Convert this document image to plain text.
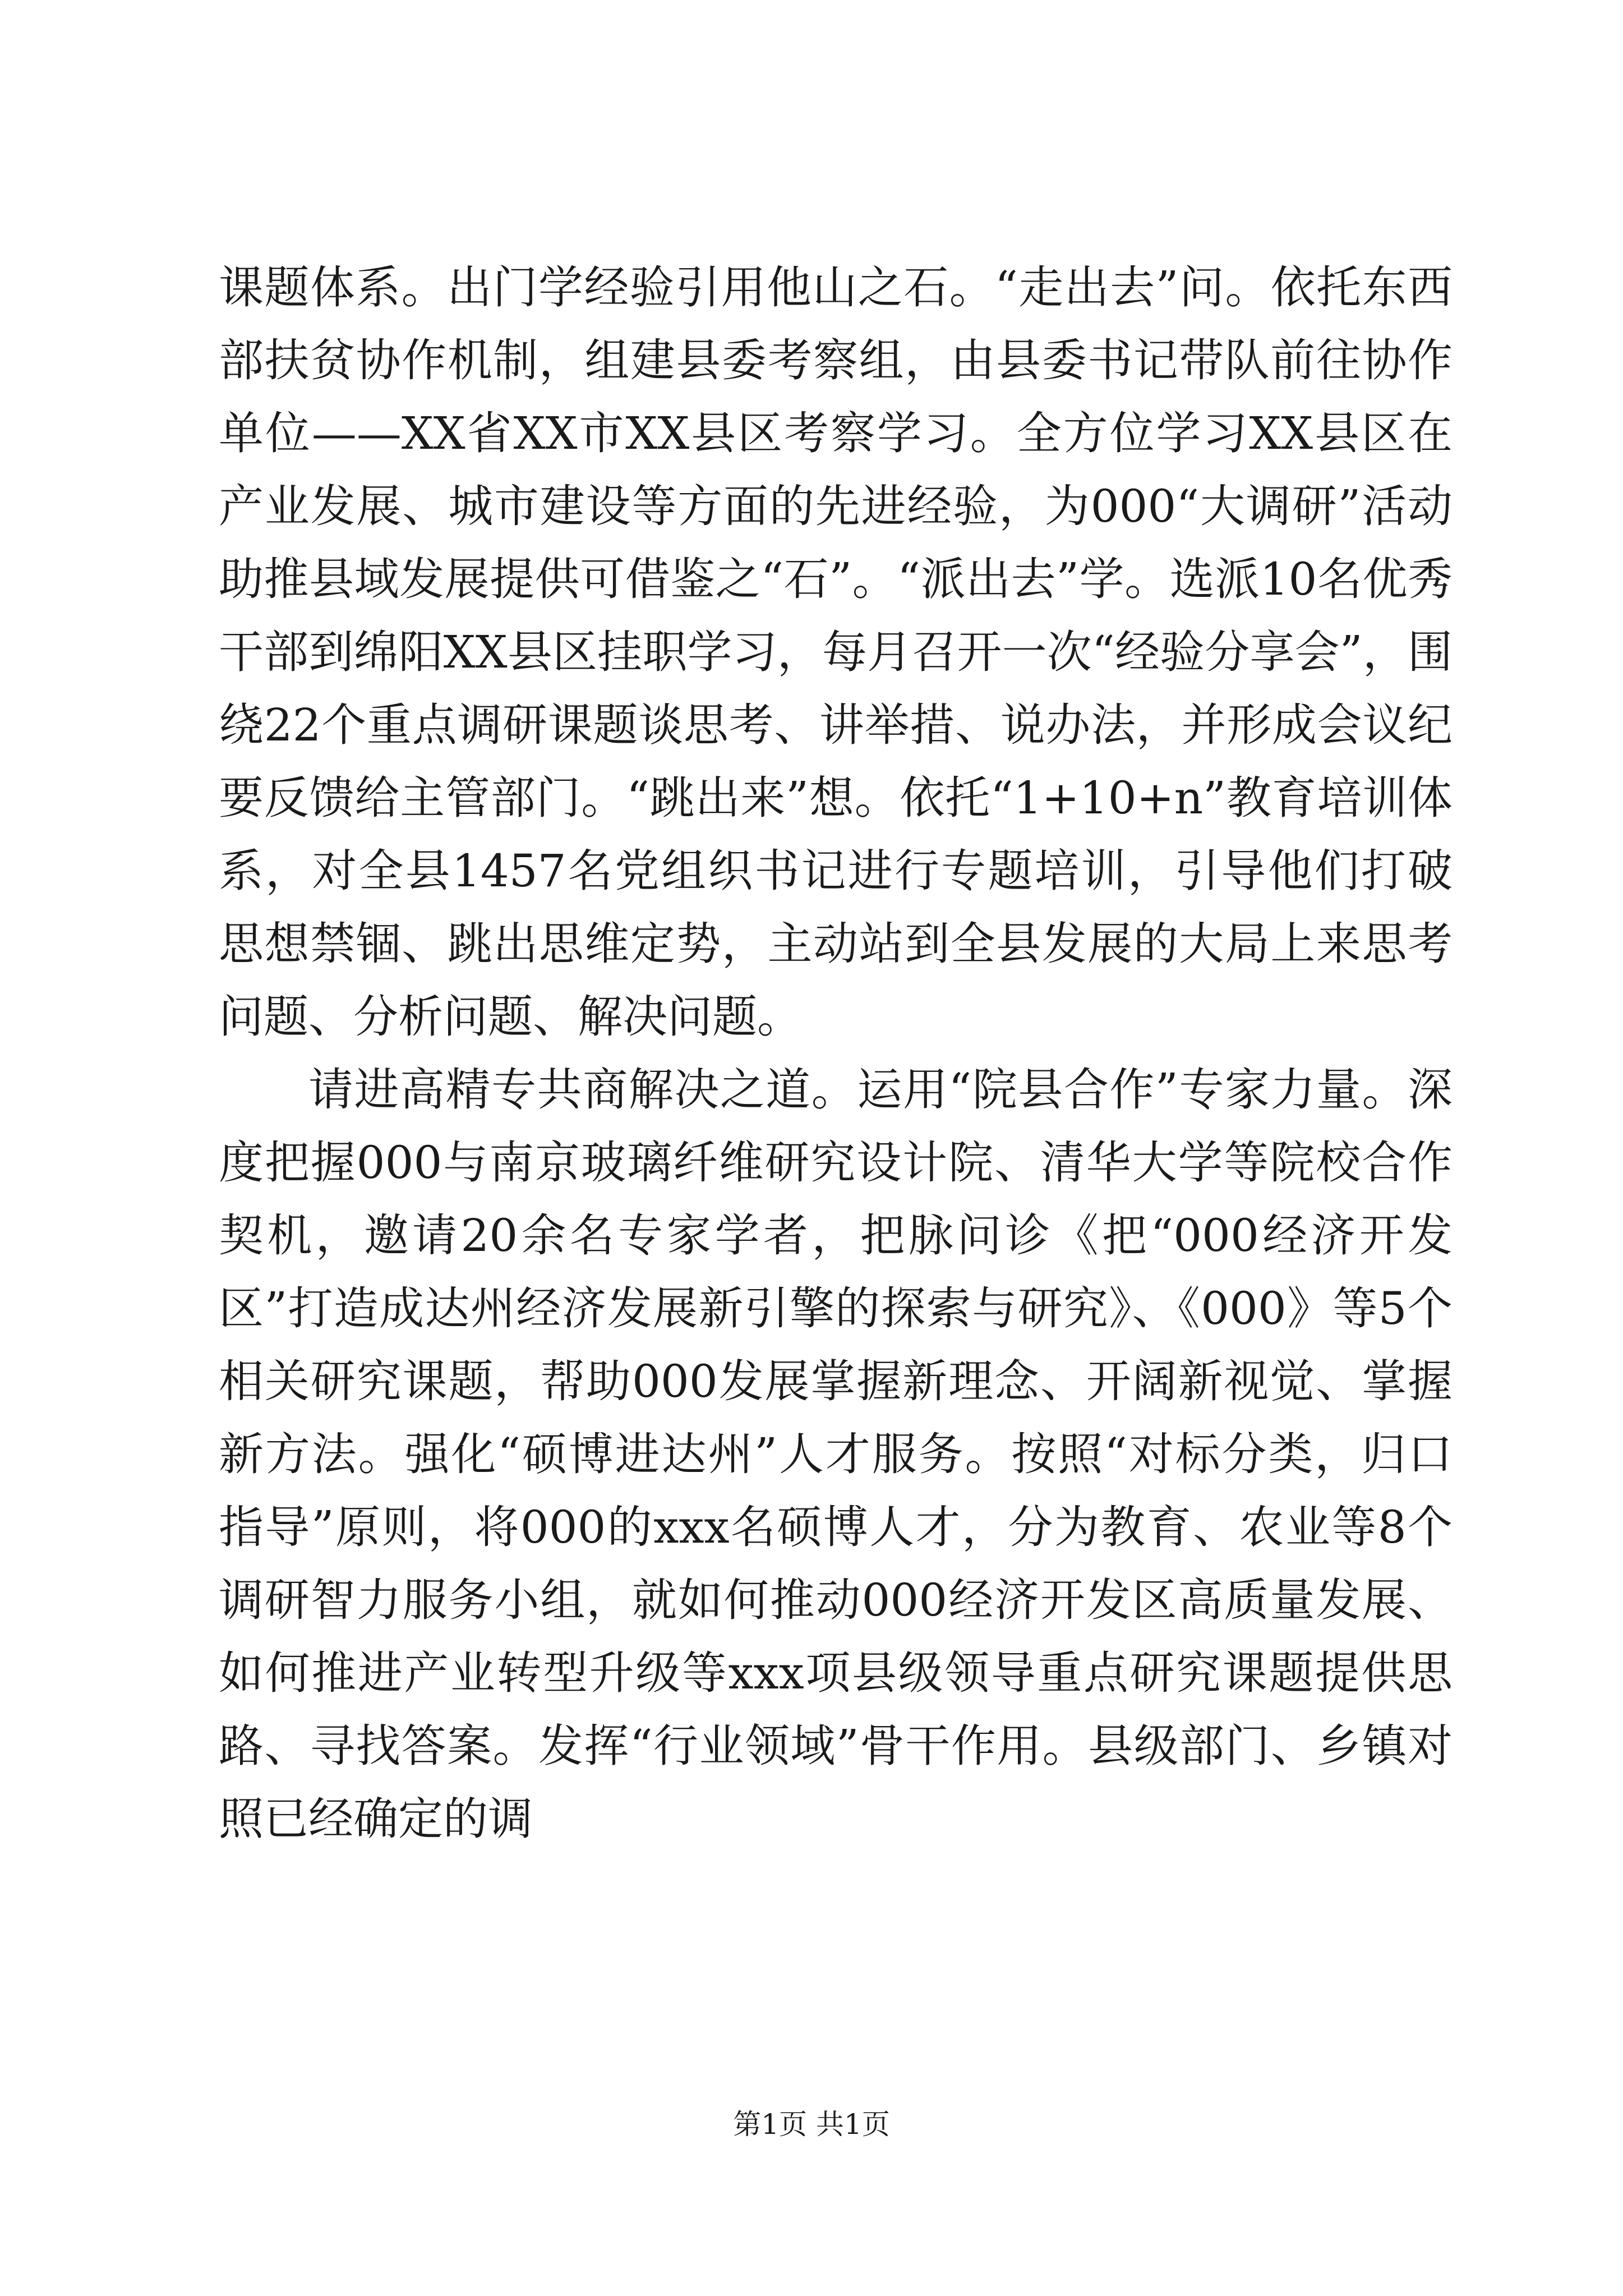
课题体系。出门学经验引用他山之石。“走出去”问。依托东西部扶贫协作机制，组建县委考察组，由县委书记带队前往协作单位——XX省XX市XX县区考察学习。全方位学习XX县区在产业发展、城市建设等方面的先进经验，为000“大调研”活动助推县域发展提供可借鉴之“石”。“派出去”学。选派10名优秀干部到绵阳XX县区挂职学习，每月召开一次“经验分享会”，围绕22个重点调研课题谈思考、讲举措、说办法，并形成会议纪要反馈给主管部门。“跳出来”想。依托“1+10+n”教育培训体系，对全县1457名党组织书记进行专题培训，引导他们打破思想禁锢、跳出思维定势，主动站到全县发展的大局上来思考问题、分析问题、解决问题。

请进高精专共商解决之道。运用“院县合作”专家力量。深度把握000与南京玻璃纤维研究设计院、清华大学等院校合作契机，邀请20余名专家学者，把脉问诊《把“000经济开发区”打造成达州经济发展新引擎的探索与研究》、《000》等5个相关研究课题，帮助000发展掌握新理念、开阔新视觉、掌握新方法。强化“硕博进达州”人才服务。按照“对标分类，归口指导”原则，将000的xxx名硕博人才，分为教育、农业等8个调研智力服务小组，就如何推动000经济开发区高质量发展、如何推进产业转型升级等xxx项县级领导重点研究课题提供思路、寻找答案。发挥“行业领域”骨干作用。县级部门、乡镇对照已经确定的调

第1页 共1页
